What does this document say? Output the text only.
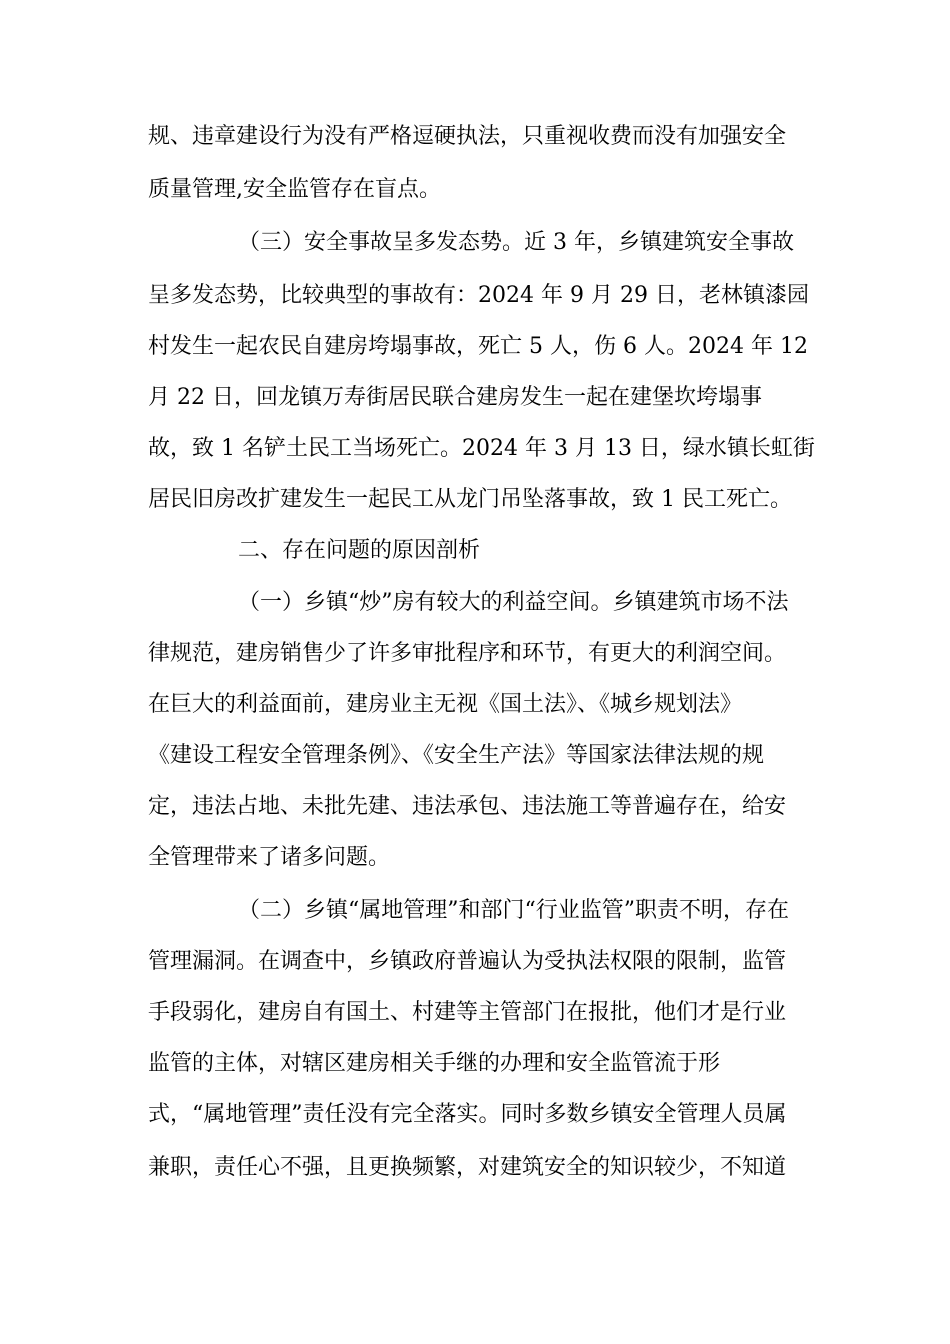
规、违章建设行为没有严格逗硬执法，只重视收费而没有加强安全
质量管理,安全监管存在盲点。
（三）安全事故呈多发态势。近 3 年，乡镇建筑安全事故
呈多发态势，比较典型的事故有：2024 年 9 月 29 日，老林镇漆园
村发生一起农民自建房垮塌事故，死亡 5 人，伤 6 人。2024 年 12
月 22 日，回龙镇万寿街居民联合建房发生一起在建堡坎垮塌事
故，致 1 名铲土民工当场死亡。2024 年 3 月 13 日，绿水镇长虹街
居民旧房改扩建发生一起民工从龙门吊坠落事故，致 1 民工死亡。
二、存在问题的原因剖析
（一）乡镇“炒”房有较大的利益空间。乡镇建筑市场不法
律规范，建房销售少了许多审批程序和环节，有更大的利润空间。
在巨大的利益面前，建房业主无视《国土法》、《城乡规划法》
《建设工程安全管理条例》、《安全生产法》等国家法律法规的规
定，违法占地、未批先建、违法承包、违法施工等普遍存在，给安
全管理带来了诸多问题。
（二）乡镇“属地管理”和部门“行业监管”职责不明，存在
管理漏洞。在调查中，乡镇政府普遍认为受执法权限的限制，监管
手段弱化，建房自有国土、村建等主管部门在报批，他们才是行业
监管的主体，对辖区建房相关手继的办理和安全监管流于形
式，“属地管理”责任没有完全落实。同时多数乡镇安全管理人员属
兼职，责任心不强，且更换频繁，对建筑安全的知识较少，不知道
